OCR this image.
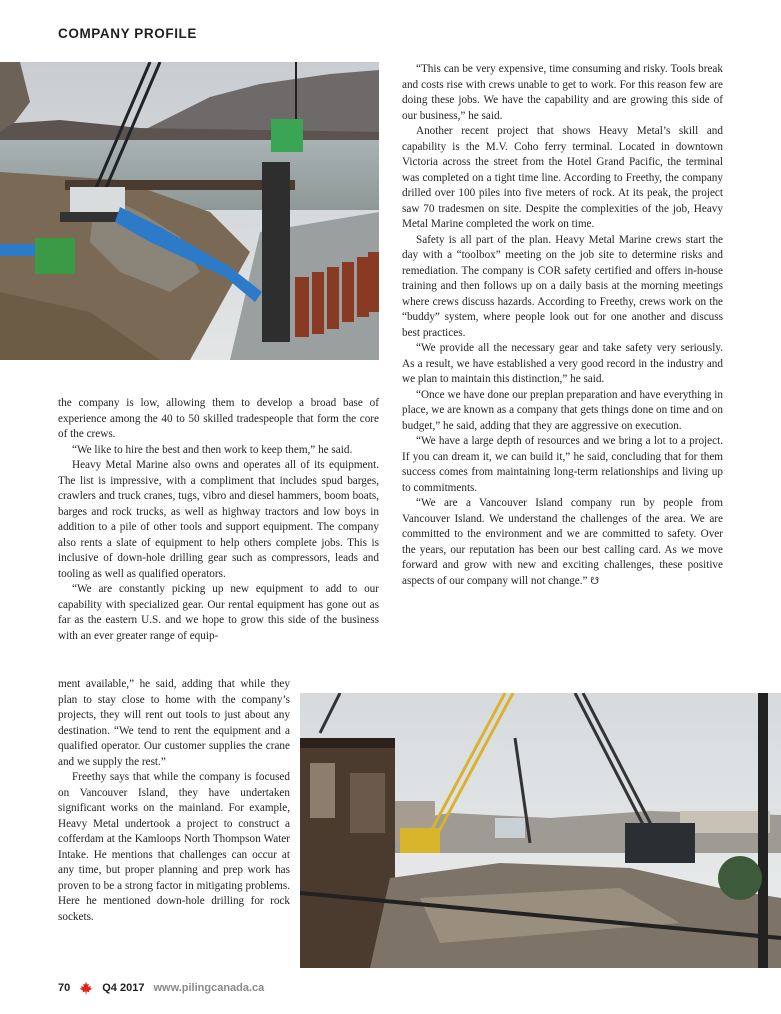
COMPANY PROFILE

the company is low, allowing them to develop a broad base of experience among the 40 to 50 skilled tradespeople that form the core of the crews.

“We like to hire the best and then work to keep them,” he said.

Heavy Metal Marine also owns and operates all of its equipment. The list is impressive, with a compliment that includes spud barges, crawlers and truck cranes, tugs, vibro and diesel hammers, boom boats, barges and rock trucks, as well as highway tractors and low boys in addition to a pile of other tools and support equipment. The company also rents a slate of equipment to help others complete jobs. This is inclusive of down-hole drilling gear such as compressors, leads and tooling as well as qualified operators.

“We are constantly picking up new equipment to add to our capability with specialized gear. Our rental equipment has gone out as far as the eastern U.S. and we hope to grow this side of the business with an ever greater range of equip-

ment available,” he said, adding that while they plan to stay close to home with the company’s projects, they will rent out tools to just about any destination. “We tend to rent the equipment and a qualified operator. Our customer supplies the crane and we supply the rest.”

Freethy says that while the company is focused on Vancouver Island, they have undertaken significant works on the mainland. For example, Heavy Metal undertook a project to construct a cofferdam at the Kamloops North Thompson Water Intake. He mentions that challenges can occur at any time, but proper planning and prep work has proven to be a strong factor in mitigating problems. Here he mentioned down-hole drilling for rock sockets.

“This can be very expensive, time consuming and risky. Tools break and costs rise with crews unable to get to work. For this reason few are doing these jobs. We have the capability and are growing this side of our business,” he said.

Another recent project that shows Heavy Metal’s skill and capability is the M.V. Coho ferry terminal. Located in downtown Victoria across the street from the Hotel Grand Pacific, the terminal was completed on a tight time line. According to Freethy, the company drilled over 100 piles into five meters of rock. At its peak, the project saw 70 tradesmen on site. Despite the complexities of the job, Heavy Metal Marine completed the work on time.

Safety is all part of the plan. Heavy Metal Marine crews start the day with a “toolbox” meeting on the job site to determine risks and remediation. The company is COR safety certified and offers in-house training and then follows up on a daily basis at the morning meetings where crews discuss hazards. According to Freethy, crews work on the “buddy” system, where people look out for one another and discuss best practices.

“We provide all the necessary gear and take safety very seriously. As a result, we have established a very good record in the industry and we plan to maintain this distinction,” he said.

“Once we have done our preplan preparation and have everything in place, we are known as a company that gets things done on time and on budget,” he said, adding that they are aggressive on execution.

“We have a large depth of resources and we bring a lot to a project. If you can dream it, we can build it,” he said, concluding that for them success comes from maintaining long-term relationships and living up to commitments.

“We are a Vancouver Island company run by people from Vancouver Island. We understand the challenges of the area. We are committed to the environment and we are committed to safety. Over the years, our reputation has been our best calling card. As we move forward and grow with new and exciting challenges, these positive aspects of our company will not change.” ☋

70	Q4 2017 www.pilingcanada.ca
